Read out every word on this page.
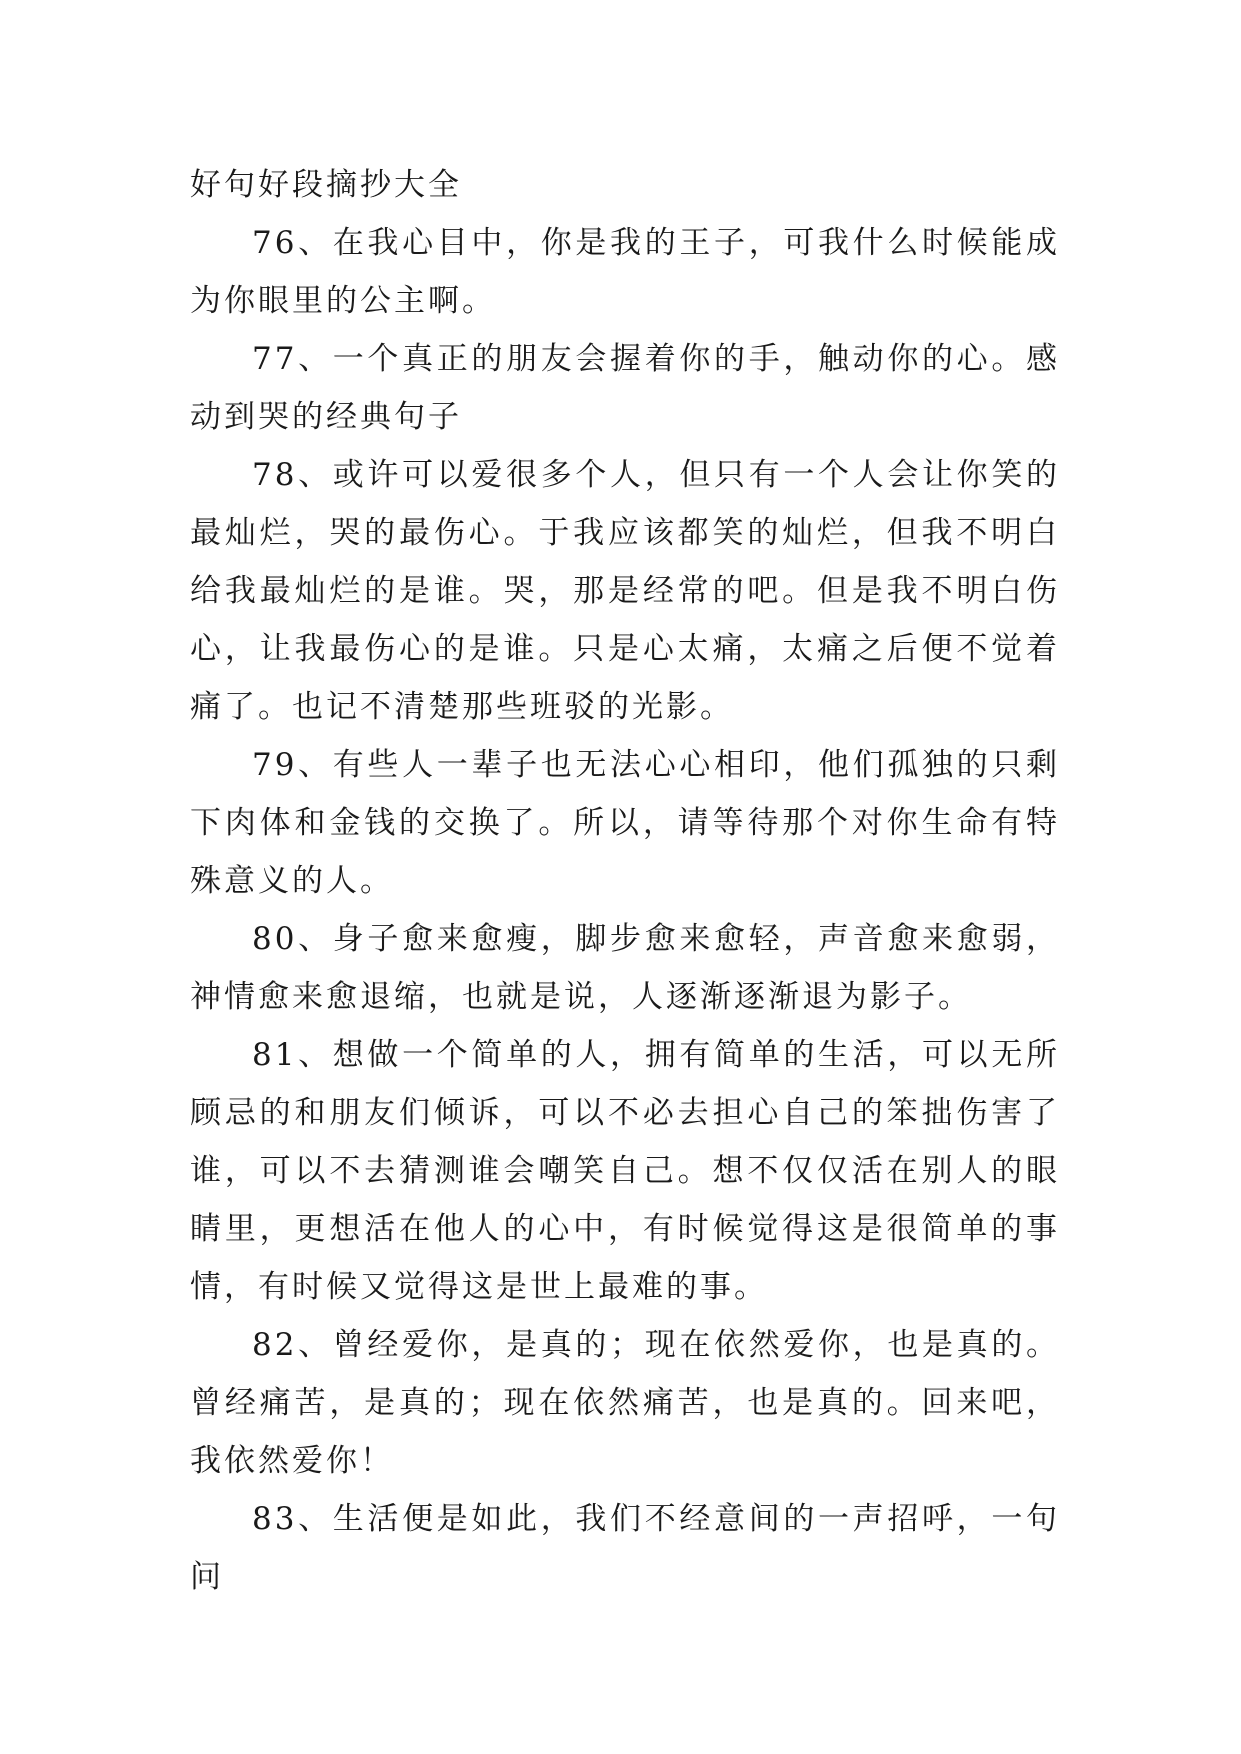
好句好段摘抄大全

76、在我心目中，你是我的王子，可我什么时候能成为你眼里的公主啊。

77、一个真正的朋友会握着你的手，触动你的心。感动到哭的经典句子

78、或许可以爱很多个人，但只有一个人会让你笑的最灿烂，哭的最伤心。于我应该都笑的灿烂，但我不明白给我最灿烂的是谁。哭，那是经常的吧。但是我不明白伤心，让我最伤心的是谁。只是心太痛，太痛之后便不觉着痛了。也记不清楚那些班驳的光影。

79、有些人一辈子也无法心心相印，他们孤独的只剩下肉体和金钱的交换了。所以，请等待那个对你生命有特殊意义的人。

80、身子愈来愈瘦，脚步愈来愈轻，声音愈来愈弱，神情愈来愈退缩，也就是说，人逐渐逐渐退为影子。

81、想做一个简单的人，拥有简单的生活，可以无所顾忌的和朋友们倾诉，可以不必去担心自己的笨拙伤害了谁，可以不去猜测谁会嘲笑自己。想不仅仅活在别人的眼睛里，更想活在他人的心中，有时候觉得这是很简单的事情，有时候又觉得这是世上最难的事。

82、曾经爱你，是真的；现在依然爱你，也是真的。曾经痛苦，是真的；现在依然痛苦，也是真的。回来吧，我依然爱你！

83、生活便是如此，我们不经意间的一声招呼，一句问
